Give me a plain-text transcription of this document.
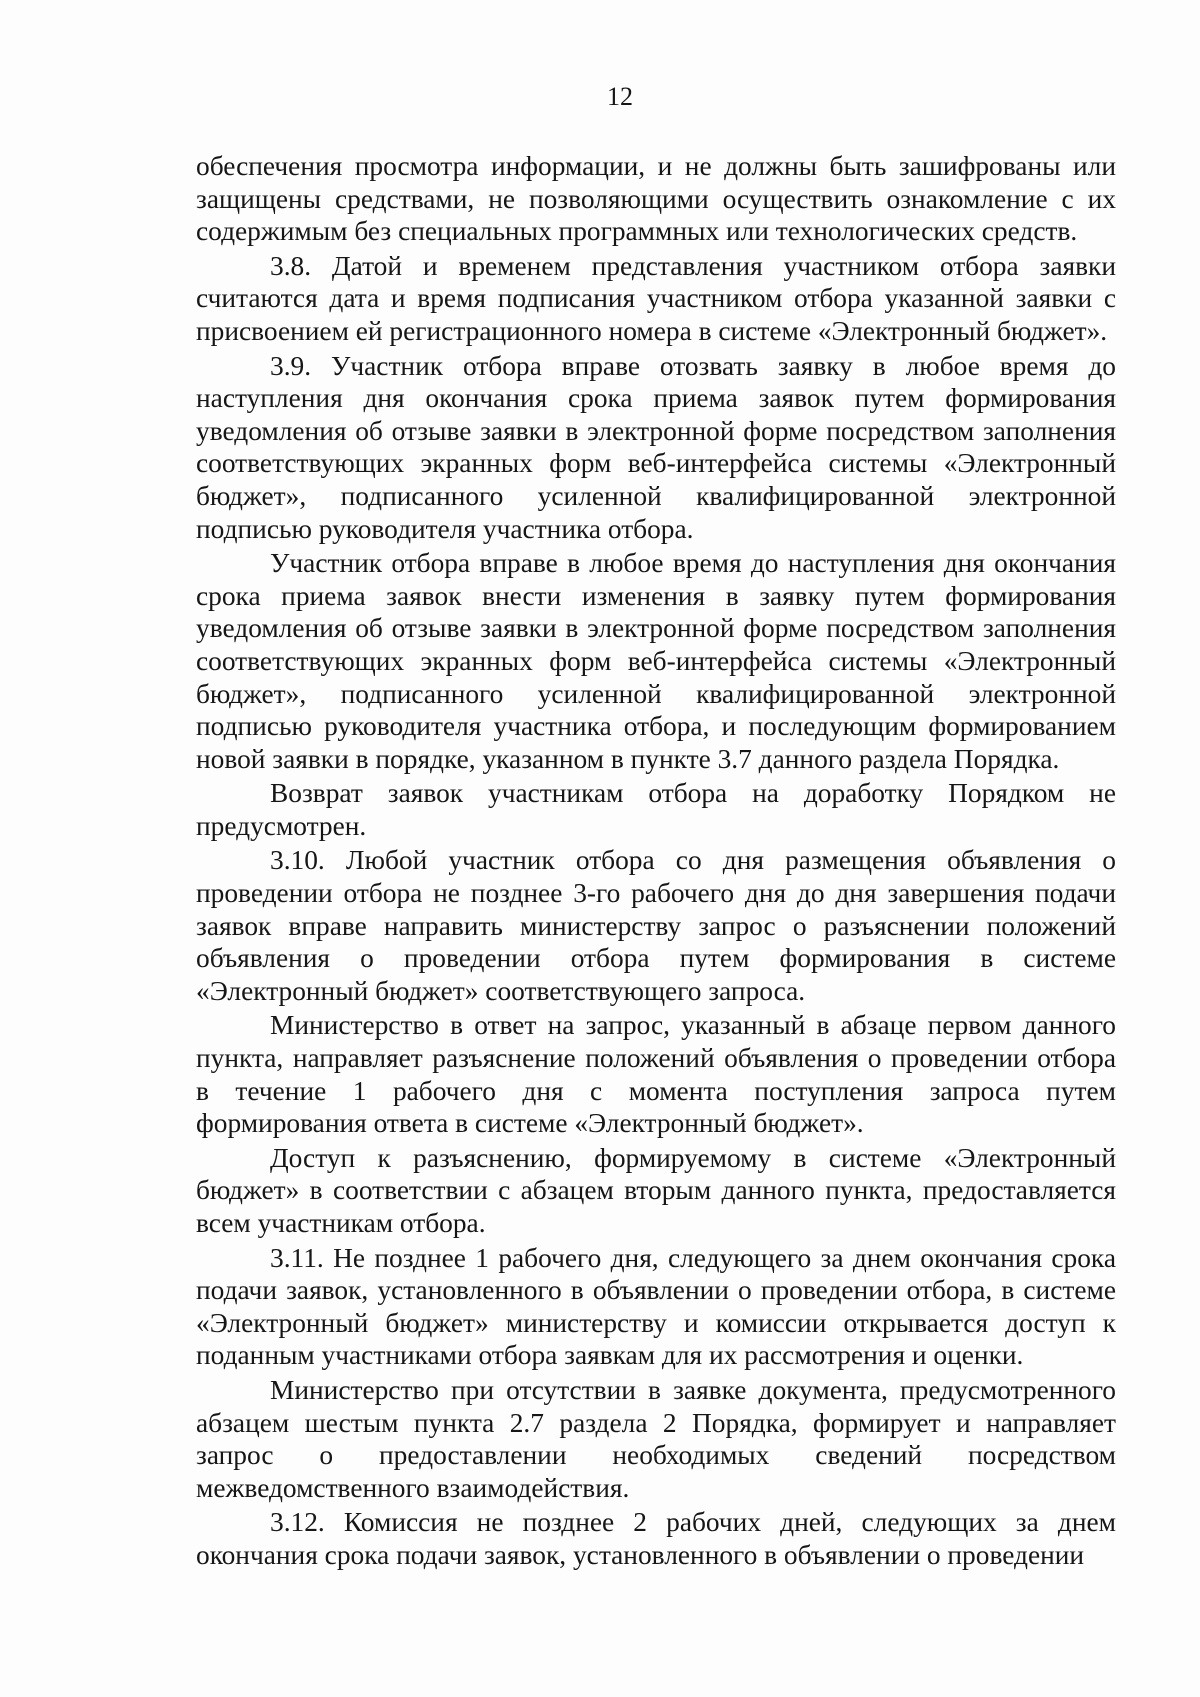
12

обеспечения просмотра информации, и не должны быть зашифрованы или защищены средствами, не позволяющими осуществить ознакомление с их содержимым без специальных программных или технологических средств.

3.8. Датой и временем представления участником отбора заявки считаются дата и время подписания участником отбора указанной заявки с присвоением ей регистрационного номера в системе «Электронный бюджет».

3.9. Участник отбора вправе отозвать заявку в любое время до наступления дня окончания срока приема заявок путем формирования уведомления об отзыве заявки в электронной форме посредством заполнения соответствующих экранных форм веб-интерфейса системы «Электронный бюджет», подписанного усиленной квалифицированной электронной подписью руководителя участника отбора.

Участник отбора вправе в любое время до наступления дня окончания срока приема заявок внести изменения в заявку путем формирования уведомления об отзыве заявки в электронной форме посредством заполнения соответствующих экранных форм веб-интерфейса системы «Электронный бюджет», подписанного усиленной квалифицированной электронной подписью руководителя участника отбора, и последующим формированием новой заявки в порядке, указанном в пункте 3.7 данного раздела Порядка.

Возврат заявок участникам отбора на доработку Порядком не предусмотрен.

3.10. Любой участник отбора со дня размещения объявления о проведении отбора не позднее 3-го рабочего дня до дня завершения подачи заявок вправе направить министерству запрос о разъяснении положений объявления о проведении отбора путем формирования в системе «Электронный бюджет» соответствующего запроса.

Министерство в ответ на запрос, указанный в абзаце первом данного пункта, направляет разъяснение положений объявления о проведении отбора в течение 1 рабочего дня с момента поступления запроса путем формирования ответа в системе «Электронный бюджет».

Доступ к разъяснению, формируемому в системе «Электронный бюджет» в соответствии с абзацем вторым данного пункта, предоставляется всем участникам отбора.

3.11. Не позднее 1 рабочего дня, следующего за днем окончания срока подачи заявок, установленного в объявлении о проведении отбора, в системе «Электронный бюджет» министерству и комиссии открывается доступ к поданным участниками отбора заявкам для их рассмотрения и оценки.

Министерство при отсутствии в заявке документа, предусмотренного абзацем шестым пункта 2.7 раздела 2 Порядка, формирует и направляет запрос о предоставлении необходимых сведений посредством межведомственного взаимодействия.

3.12. Комиссия не позднее 2 рабочих дней, следующих за днем окончания срока подачи заявок, установленного в объявлении о проведении
